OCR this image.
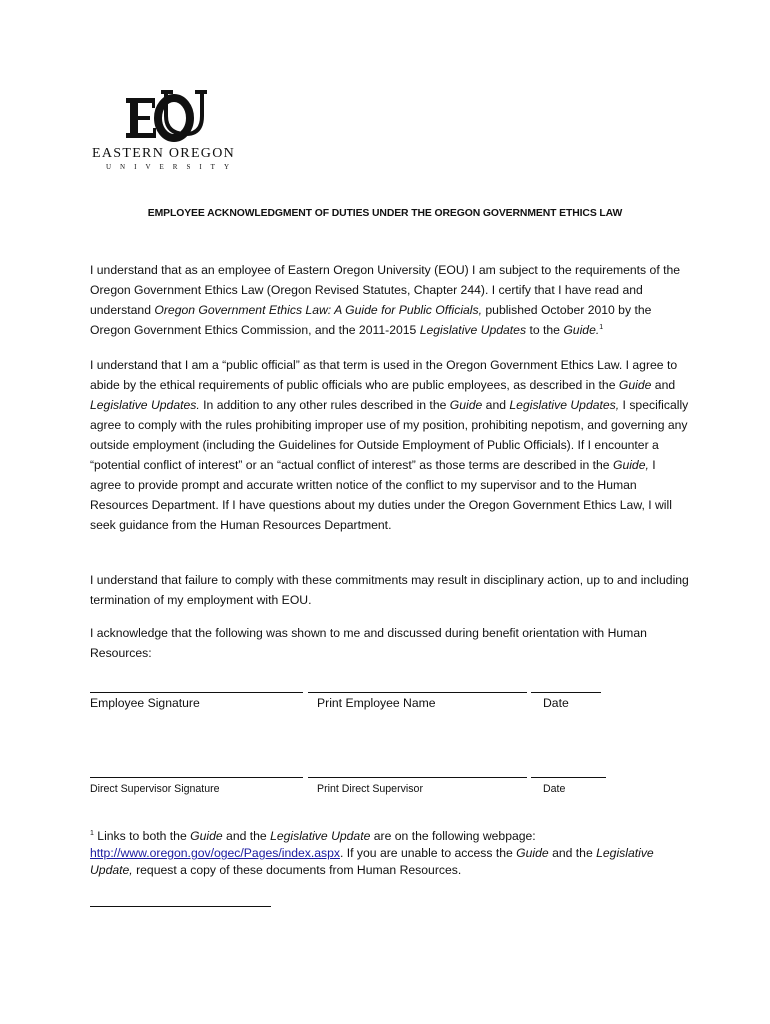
EASTERN OREGON
UNIVERSITY
EMPLOYEE ACKNOWLEDGMENT OF DUTIES UNDER THE OREGON GOVERNMENT ETHICS LAW
I understand that as an employee of Eastern Oregon University (EOU) I am subject to the requirements of the Oregon Government Ethics Law (Oregon Revised Statutes, Chapter 244). I certify that I have read and understand Oregon Government Ethics Law: A Guide for Public Officials, published October 2010 by the Oregon Government Ethics Commission, and the 2011-2015 Legislative Updates to the Guide.$^1$
I understand that I am a “public official” as that term is used in the Oregon Government Ethics Law. I agree to abide by the ethical requirements of public officials who are public employees, as described in the Guide and Legislative Updates. In addition to any other rules described in the Guide and Legislative Updates, I specifically agree to comply with the rules prohibiting improper use of my position, prohibiting nepotism, and governing any outside employment (including the Guidelines for Outside Employment of Public Officials). If I encounter a “potential conflict of interest” or an “actual conflict of interest” as those terms are described in the Guide, I agree to provide prompt and accurate written notice of the conflict to my supervisor and to the Human Resources Department. If I have questions about my duties under the Oregon Government Ethics Law, I will seek guidance from the Human Resources Department.
I understand that failure to comply with these commitments may result in disciplinary action, up to and including termination of my employment with EOU.
I acknowledge that the following was shown to me and discussed during benefit orientation with Human Resources:
Employee Signature	Print Employee Name	Date
Direct Supervisor Signature	Print Direct Supervisor	Date
$^1$ Links to both the Guide and the Legislative Update are on the following webpage: http://www.oregon.gov/ogec/Pages/index.aspx. If you are unable to access the Guide and the Legislative Update, request a copy of these documents from Human Resources.
